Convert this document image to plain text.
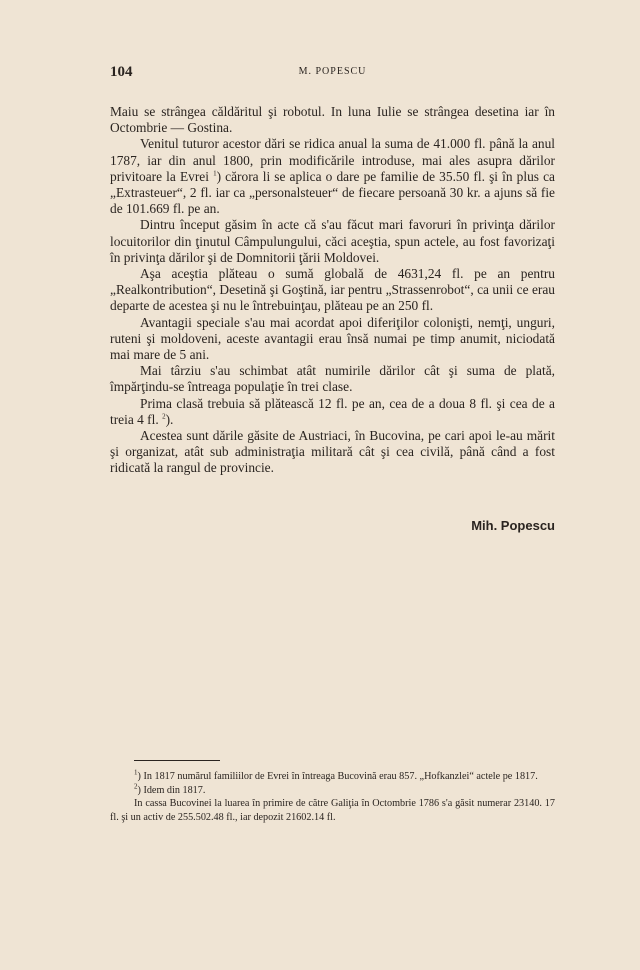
104	M. POPESCU

Maiu se strângea căldăritul şi robotul. In luna Iulie se strângea desetina iar în Octombrie — Gostina.

Venitul tuturor acestor dări se ridica anual la suma de 41.000 fl. până la anul 1787, iar din anul 1800, prin modificările introduse, mai ales asupra dărilor privitoare la Evrei $^1$) cărora li se aplica o dare pe familie de 35.50 fl. şi în plus ca „Extrasteuer“, 2 fl. iar ca „personalsteuer“ de fiecare persoană 30 kr. a ajuns să fie de 101.669 fl. pe an.

Dintru început găsim în acte că s'au făcut mari favoruri în privinţa dărilor locuitorilor din ţinutul Câmpulungului, căci aceştia, spun actele, au fost favorizaţi în privinţa dărilor şi de Domnitorii ţării Moldovei.

Aşa aceştia plăteau o sumă globală de 4631,24 fl. pe an pentru „Realkontribution“, Desetină şi Goştină, iar pentru „Strassenrobot“, ca unii ce erau departe de acestea şi nu le întrebuinţau, plăteau pe an 250 fl.

Avantagii speciale s'au mai acordat apoi diferiţilor colonişti, nemţi, unguri, ruteni şi moldoveni, aceste avantagii erau însă numai pe timp anumit, niciodată mai mare de 5 ani.

Mai târziu s'au schimbat atât numirile dărilor cât şi suma de plată, împărţindu-se întreaga populaţie în trei clase.

Prima clasă trebuia să plătească 12 fl. pe an, cea de a doua 8 fl. şi cea de a treia 4 fl. $^2$).

Acestea sunt dările găsite de Austriaci, în Bucovina, pe cari apoi le-au mărit şi organizat, atât sub administraţia militară cât şi cea civilă, până când a fost ridicată la rangul de provincie.

Mih. Popescu

$^1$) In 1817 numărul familiilor de Evrei în întreaga Bucovină erau 857. „Hofkanzlei“ actele pe 1817.

$^2$) Idem din 1817.

In cassa Bucovinei la luarea în primire de către Galiţia în Octombrie 1786 s'a găsit numerar 23140. 17 fl. şi un activ de 255.502.48 fl., iar depozit 21602.14 fl.
